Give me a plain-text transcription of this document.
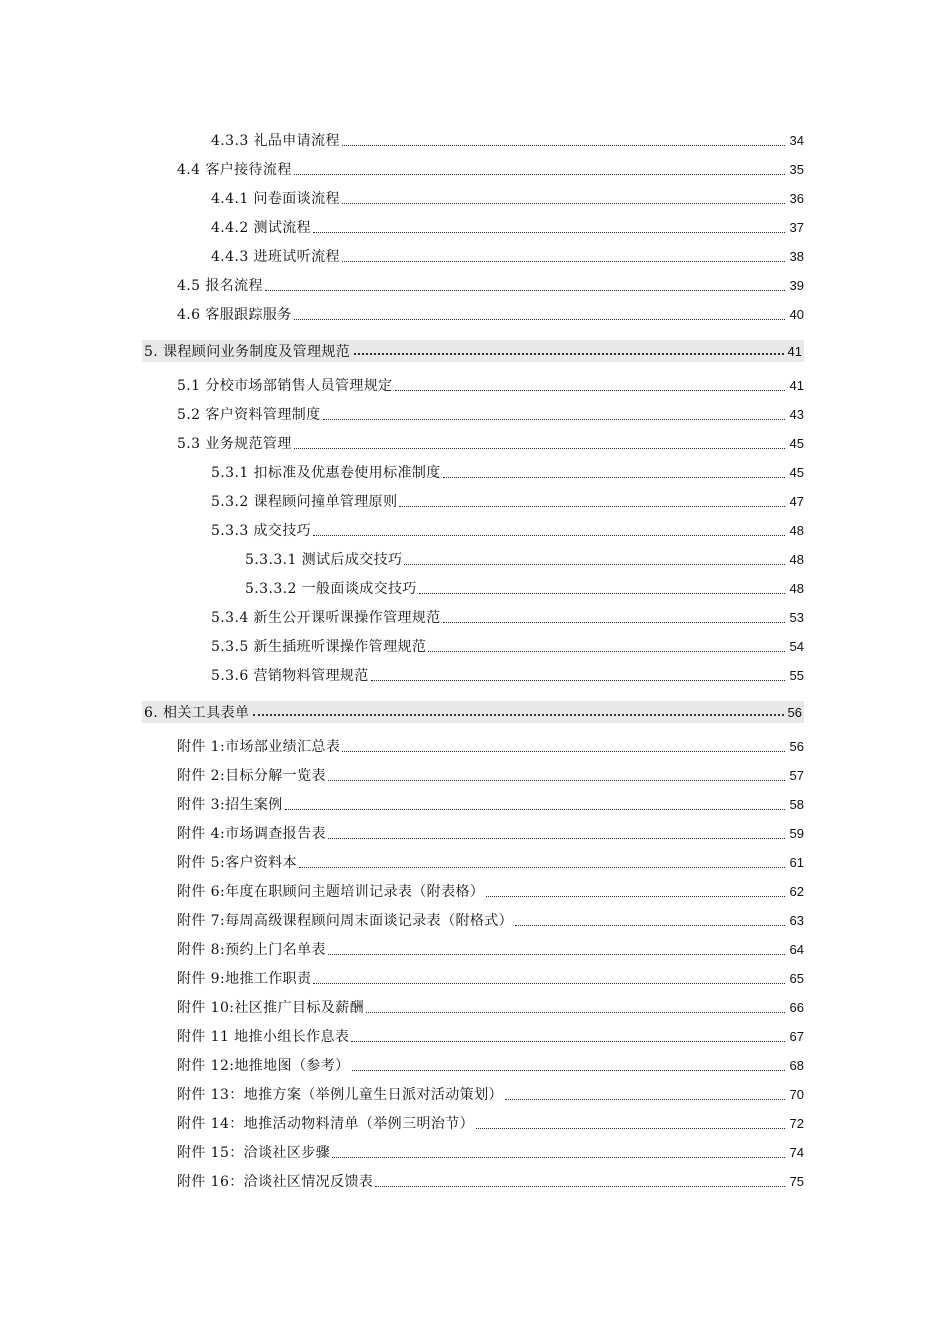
4.3.3 礼品申请流程	34
4.4 客户接待流程	35
4.4.1 问卷面谈流程	36
4.4.2 测试流程	37
4.4.3 进班试听流程	38
4.5 报名流程	39
4.6 客服跟踪服务	40
5. 课程顾问业务制度及管理规范	41
5.1 分校市场部销售人员管理规定	41
5.2 客户资料管理制度	43
5.3 业务规范管理	45
5.3.1 扣标准及优惠卷使用标准制度	45
5.3.2 课程顾问撞单管理原则	47
5.3.3 成交技巧	48
5.3.3.1 测试后成交技巧	48
5.3.3.2 一般面谈成交技巧	48
5.3.4 新生公开课听课操作管理规范	53
5.3.5 新生插班听课操作管理规范	54
5.3.6 营销物料管理规范	55
6. 相关工具表单	56
附件 1:市场部业绩汇总表	56
附件 2:目标分解一览表	57
附件 3:招生案例	58
附件 4:市场调查报告表	59
附件 5:客户资料本	61
附件 6:年度在职顾问主题培训记录表（附表格）	62
附件 7:每周高级课程顾问周末面谈记录表（附格式）	63
附件 8:预约上门名单表	64
附件 9:地推工作职责	65
附件 10:社区推广目标及薪酬	66
附件 11 地推小组长作息表	67
附件 12:地推地图（参考）	68
附件 13：地推方案（举例儿童生日派对活动策划）	70
附件 14：地推活动物料清单（举例三明治节）	72
附件 15：洽谈社区步骤	74
附件 16：洽谈社区情况反馈表	75
